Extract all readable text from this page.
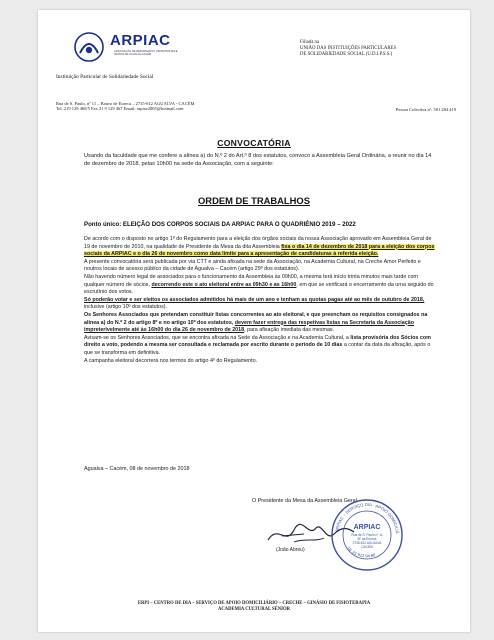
ARPIAC
ASSOCIAÇÃO DE REFORMADOS, PENSIONISTAS E IDOSOS DE AGUALVA-CACÉM
Instituição Particular de Solidariedade Social
Filiada na
UNIÃO DAS INSTITUIÇÕES PARTICULARES
DE SOLIDARIEDADE SOCIAL (U.D.I.P.S.S.)
Rua de S. Paulo, nº 11 – Bairro de Eureca – 2735-612 AGUALVA - CACÉM
Tel. 219 129 460/5 Fax 21 9 129 467 Email: arpiac2005@hotmail.com	Pessoa Colectiva nº: 501 284 419
CONVOCATÓRIA
Usando da faculdade que me confere a alínea a) do N.º 2 do Art.º 8 dos estatutos, convoco a Assembleia Geral Ordinária, a reunir no dia 14 de dezembro de 2018, pelas 10h00 na sede da Associação, com a seguinte:
ORDEM DE TRABALHOS
Ponto único: ELEIÇÃO DOS CORPOS SOCIAIS DA ARPIAC PARA O QUADRIÉNIO 2019 – 2022

De acordo com o disposto no artigo 1º do Regulamento para a eleição dos órgãos sociais da nossa Associação aprovado em Assembleia Geral de 19 de novembro de 2010, na qualidade de Presidente da Mesa da dita Assembleia fixa o dia 14 de dezembro de 2018 para a eleição dos corpos sociais da ARPIAC e o dia 26 de novembro como data limite para a apresentação de candidaturas à referida eleição.

A presente convocatória será publicada por via CTT e ainda afixada na sede da Associação, na Academia Cultural, na Creche Amor Perfeito e noutros locais de acesso público da cidade de Agualva – Cacém (artigo 29º dos estatutos).

Não havendo número legal de associados para o funcionamento da Assembleia às 09h00, a mesma terá início trinta minutos mais tarde com qualquer número de sócios, decorrendo este o ato eleitoral entre as 09h30 e as 16h00, em que se verificará o encerramento da urna seguido do escrutínio dos votos.

Só poderão votar e ser eleitos os associados admitidos há mais de um ano e tenham as quotas pagas até ao mês de outubro de 2018, inclusive (artigo 10º dos estatutos).

Os Senhores Associados que pretendam constituir listas concorrentes ao ato eleitoral, e que preencham os requisitos consignados na alínea a) do N.º 2 do artigo 8º e no artigo 10º dos estatutos, devem fazer entrega das respetivas listas na Secretaria da Associação impreterivelmente até às 16h00 do dia 26 de novembro de 2018, para afixação imediata das mesmas.

Avisam-se os Senhores Associados, que se encontra afixada na Sede da Associação e na Academia Cultural, a lista provisória dos Sócios com direito a voto, podendo a mesma ser consultada e reclamada por escrito durante o período de 10 dias a contar da data da afixação, após o que se transforma em definitiva.

A campanha eleitoral decorrerá nos termos do artigo 4º do Regulamento.

Agualva – Cacém, 08 de novembro de 2018
O Presidente da Mesa da Assembleia Geral
(João Abreu)
ARPIAC
Rua de S. Paulo nº 11
Bº da Eureca
2735-612 AGUALVA
CACÉM
ARPIAC – SERVIÇO DIA · APOIO DOMICILIÁ
Tlf. 21 912 94 60
ERPI – CENTRO DE DIA – SERVIÇO DE APOIO DOMICILIÁRIO – CRECHE – GINÁSIO DE FISIOTERAPIA
ACADEMIA CULTURAL SÉNIOR
